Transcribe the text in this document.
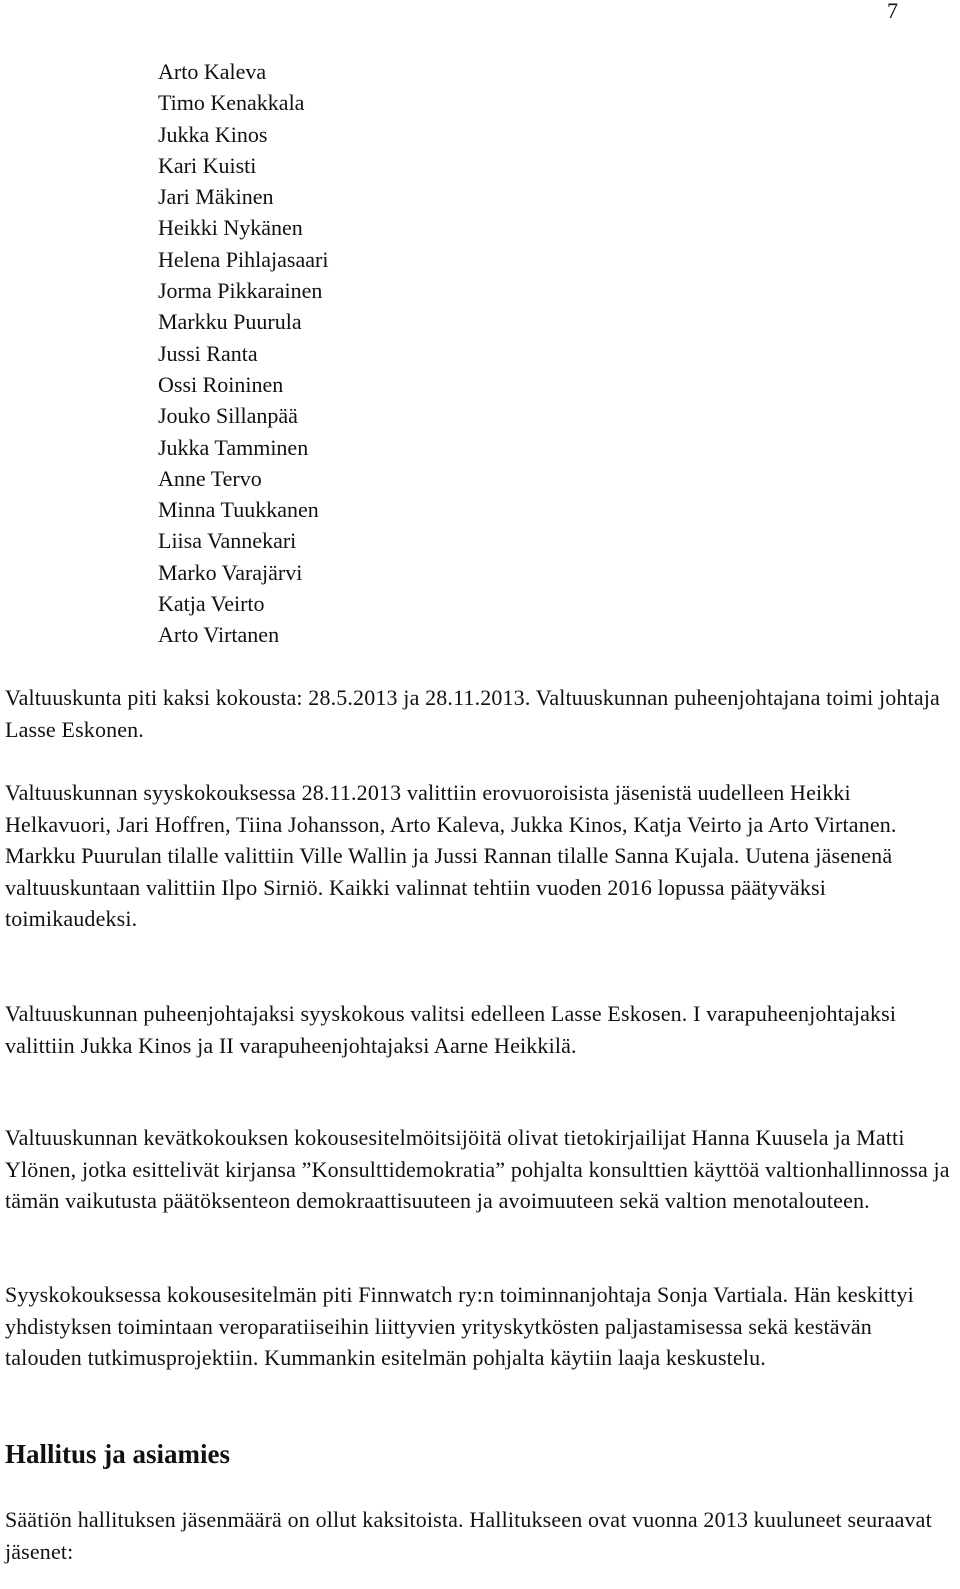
7
Arto Kaleva
Timo Kenakkala
Jukka Kinos
Kari Kuisti
Jari Mäkinen
Heikki Nykänen
Helena Pihlajasaari
Jorma Pikkarainen
Markku Puurula
Jussi Ranta
Ossi Roininen
Jouko Sillanpää
Jukka Tamminen
Anne Tervo
Minna Tuukkanen
Liisa Vannekari
Marko Varajärvi
Katja Veirto
Arto Virtanen

Valtuuskunta piti kaksi kokousta: 28.5.2013 ja 28.11.2013. Valtuuskunnan puheenjohtajana toimi johtaja Lasse Eskonen.

Valtuuskunnan syyskokouksessa 28.11.2013 valittiin erovuoroisista jäsenistä uudelleen Heikki Helkavuori, Jari Hoffren, Tiina Johansson, Arto Kaleva, Jukka Kinos, Katja Veirto ja Arto Virtanen. Markku Puurulan tilalle valittiin Ville Wallin ja Jussi Rannan tilalle Sanna Kujala. Uutena jäsenenä valtuuskuntaan valittiin Ilpo Sirniö. Kaikki valinnat tehtiin vuoden 2016 lopussa päätyväksi toimikaudeksi.

Valtuuskunnan puheenjohtajaksi syyskokous valitsi edelleen Lasse Eskosen. I varapuheenjohtajaksi valittiin Jukka Kinos ja II varapuheenjohtajaksi Aarne Heikkilä.

Valtuuskunnan kevätkokouksen kokousesitelmöitsijöitä olivat tietokirjailijat Hanna Kuusela ja Matti Ylönen, jotka esittelivät kirjansa ”Konsulttidemokratia” pohjalta konsulttien käyttöä valtionhallinnossa ja tämän vaikutusta päätöksenteon demokraattisuuteen ja avoimuuteen sekä valtion menotalouteen.

Syyskokouksessa kokousesitelmän piti Finnwatch ry:n toiminnanjohtaja Sonja Vartiala. Hän keskittyi yhdistyksen toimintaan veroparatiiseihin liittyvien yrityskytkösten paljastamisessa sekä kestävän talouden tutkimusprojektiin. Kummankin esitelmän pohjalta käytiin laaja keskustelu.

Hallitus ja asiamies

Säätiön hallituksen jäsenmäärä on ollut kaksitoista. Hallitukseen ovat vuonna 2013 kuuluneet seuraavat jäsenet:
